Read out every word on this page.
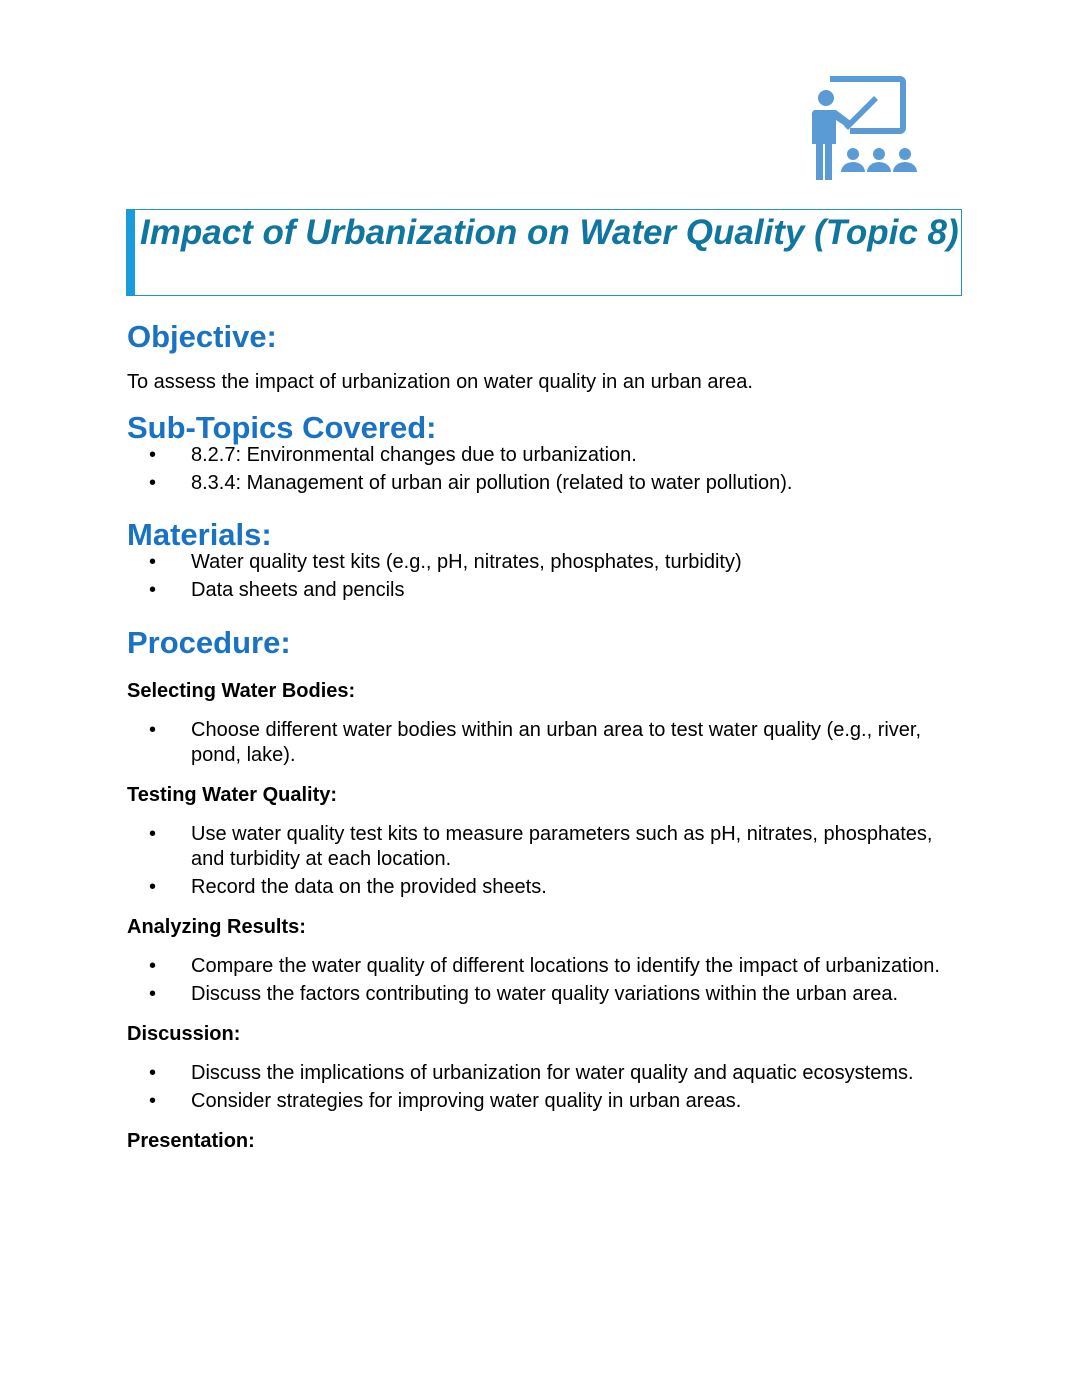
Impact of Urbanization on Water Quality (Topic 8)
Objective:

To assess the impact of urbanization on water quality in an urban area.

Sub-Topics Covered:
• 8.2.7: Environmental changes due to urbanization.
• 8.3.4: Management of urban air pollution (related to water pollution).
Materials:
• Water quality test kits (e.g., pH, nitrates, phosphates, turbidity)
• Data sheets and pencils
Procedure:

Selecting Water Bodies:

• Choose different water bodies within an urban area to test water quality (e.g., river, pond, lake).

Testing Water Quality:

• Use water quality test kits to measure parameters such as pH, nitrates, phosphates, and turbidity at each location.
• Record the data on the provided sheets.

Analyzing Results:

• Compare the water quality of different locations to identify the impact of urbanization.
• Discuss the factors contributing to water quality variations within the urban area.

Discussion:

• Discuss the implications of urbanization for water quality and aquatic ecosystems.
• Consider strategies for improving water quality in urban areas.

Presentation:
